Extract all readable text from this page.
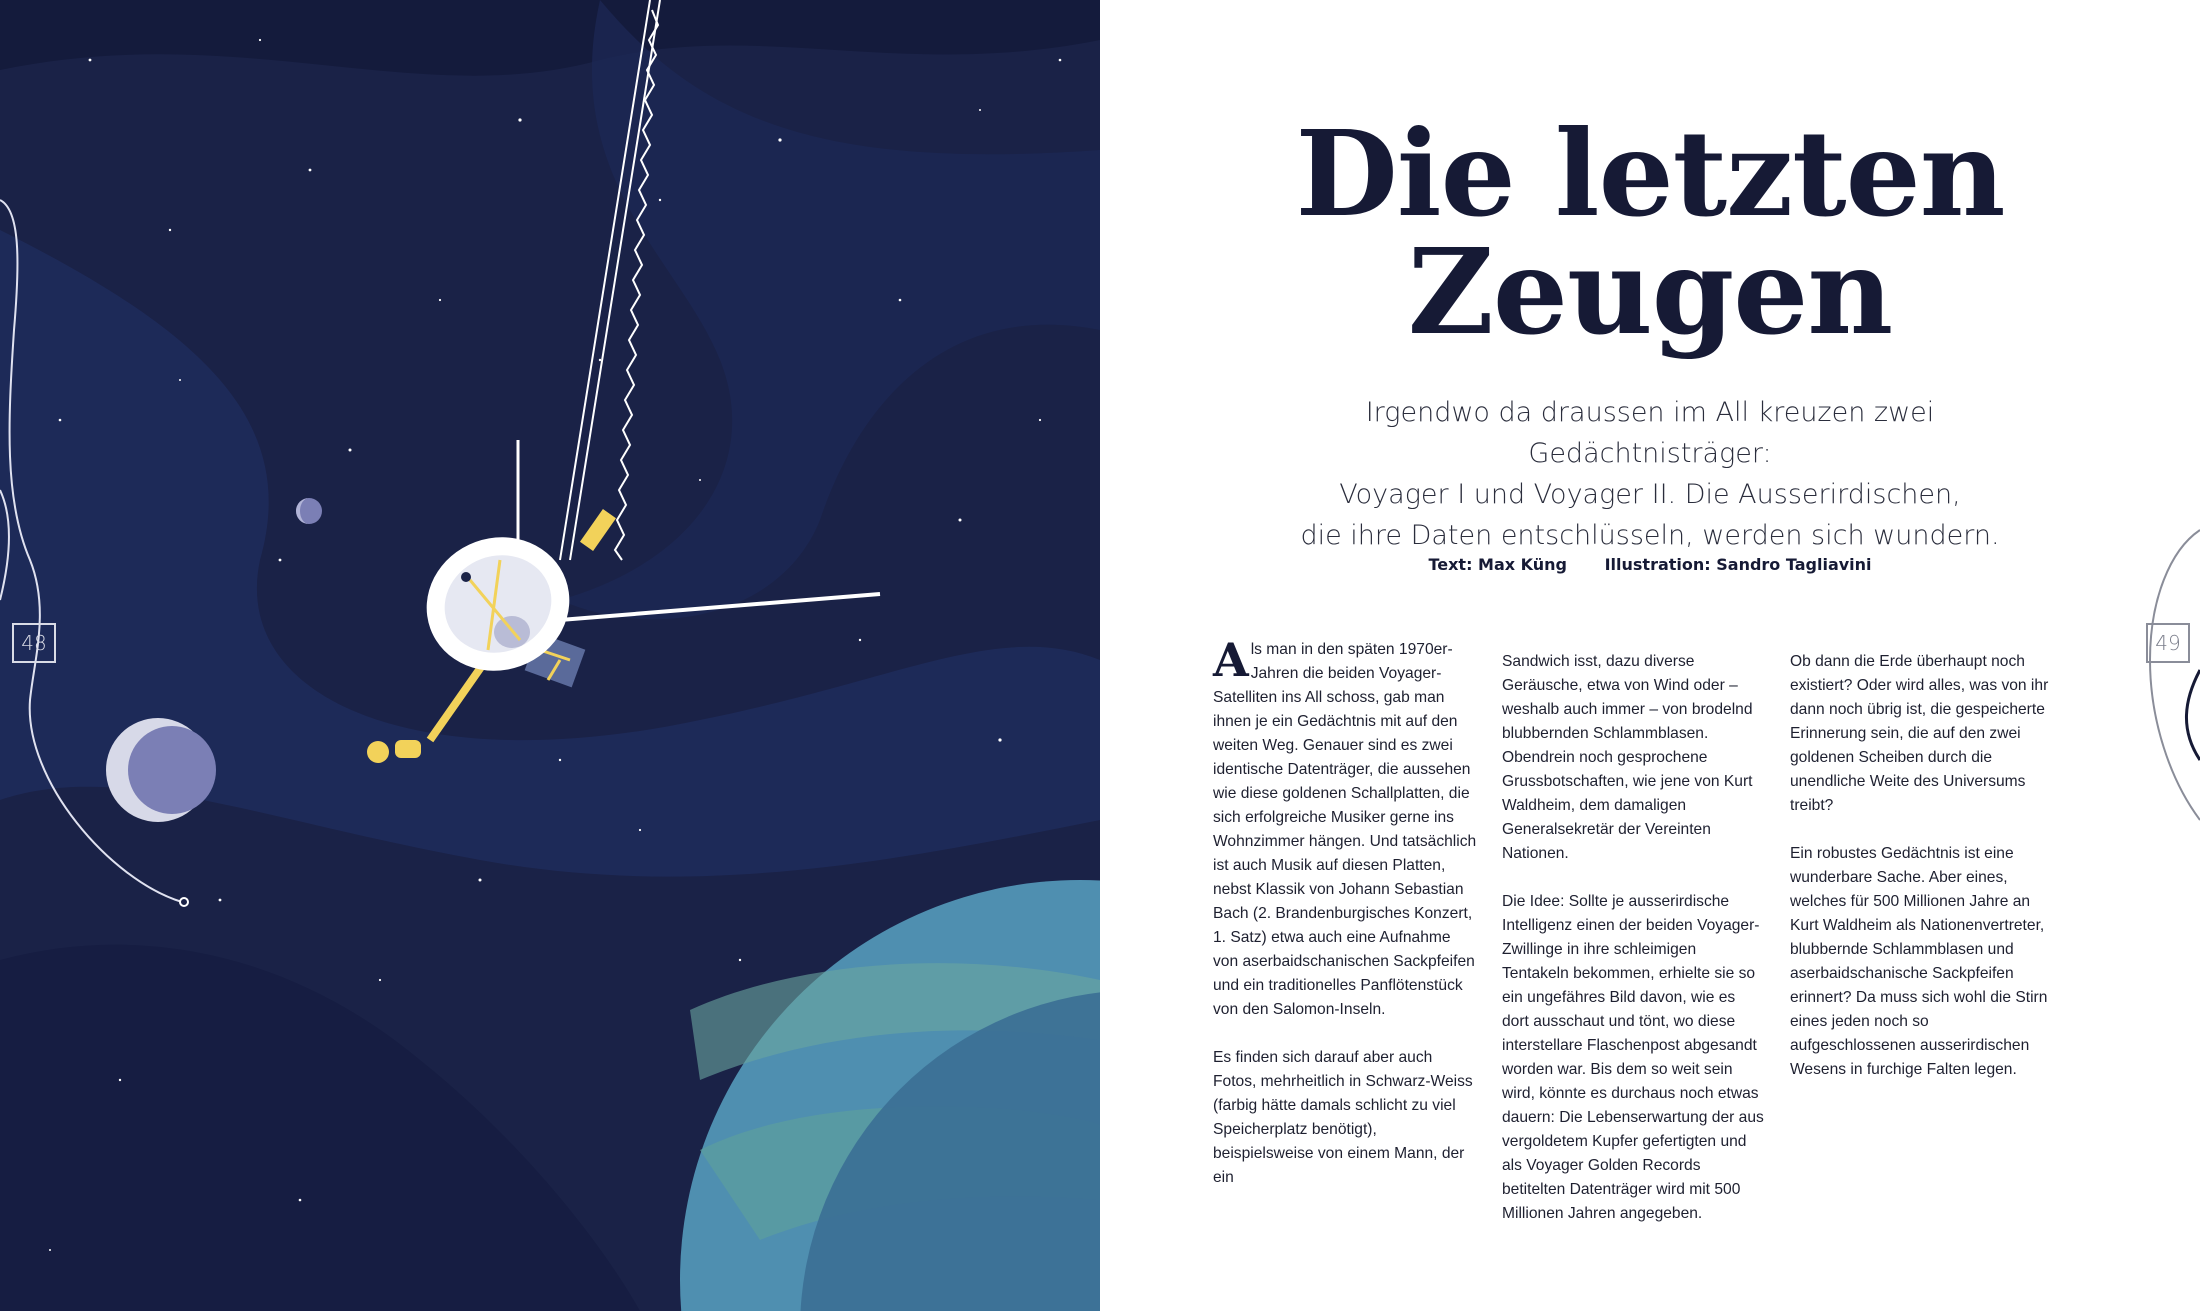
48
Die letzten
Zeugen
Irgendwo da draussen im All kreuzen zwei Gedächtnisträger:
Voyager I und Voyager II. Die Ausserirdischen,
die ihre Daten entschlüsseln, werden sich wundern.
Text: Max Küng Illustration: Sandro Tagliavini

Als man in den späten 1970er-Jahren die beiden Voyager-Satelliten ins All schoss, gab man ihnen je ein Gedächtnis mit auf den weiten Weg. Genauer sind es zwei identische Datenträger, die aussehen wie diese goldenen Schallplatten, die sich erfolgreiche Musiker gerne ins Wohnzimmer hängen. Und tatsächlich ist auch Musik auf diesen Platten, nebst Klassik von Johann Sebastian Bach (2. Brandenburgisches Konzert, 1. Satz) etwa auch eine Aufnahme von aserbaidschanischen Sackpfeifen und ein traditionelles Panflötenstück von den Salomon-Inseln.

Es finden sich darauf aber auch Fotos, mehrheitlich in Schwarz-Weiss (farbig hätte damals schlicht zu viel Speicherplatz benötigt), beispielsweise von einem Mann, der ein

Sandwich isst, dazu diverse Geräusche, etwa von Wind oder – weshalb auch immer – von brodelnd blubbernden Schlammblasen. Obendrein noch gesprochene Grussbotschaften, wie jene von Kurt Waldheim, dem damaligen Generalsekretär der Vereinten Nationen.

Die Idee: Sollte je ausserirdische Intelligenz einen der beiden Voyager-Zwillinge in ihre schleimigen Tentakeln bekommen, erhielte sie so ein ungefähres Bild davon, wie es dort ausschaut und tönt, wo diese interstellare Flaschenpost abgesandt worden war. Bis dem so weit sein wird, könnte es durchaus noch etwas dauern: Die Lebenserwartung der aus vergoldetem Kupfer gefertigten und als Voyager Golden Records betitelten Datenträger wird mit 500 Millionen Jahren angegeben.

Ob dann die Erde überhaupt noch existiert? Oder wird alles, was von ihr dann noch übrig ist, die gespeicherte Erinnerung sein, die auf den zwei goldenen Scheiben durch die unendliche Weite des Universums treibt?

Ein robustes Gedächtnis ist eine wunderbare Sache. Aber eines, welches für 500 Millionen Jahre an Kurt Waldheim als Nationenvertreter, blubbernde Schlammblasen und aserbaidschanische Sackpfeifen erinnert? Da muss sich wohl die Stirn eines jeden noch so aufgeschlossenen ausserirdischen Wesens in furchige Falten legen.

49
